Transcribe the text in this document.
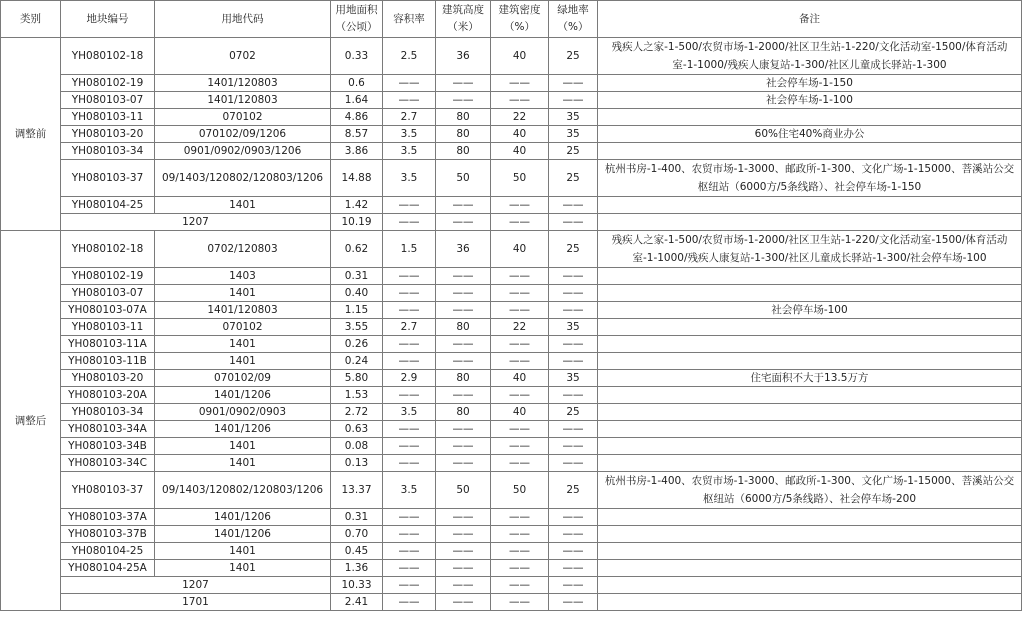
类别	地块编号	用地代码	用地面积（公顷）	容积率	建筑高度（米）	建筑密度（%）	绿地率（%）	备注
调整前	YH080102-18	0702	0.33	2.5	36	40	25	残疾人之家-1-500/农贸市场-1-2000/社区卫生站-1-220/文化活动室-1500/体育活动室-1-1000/残疾人康复站-1-300/社区儿童成长驿站-1-300
	YH080102-19	1401/120803	0.6	——	——	——	——	社会停车场-1-150
	YH080103-07	1401/120803	1.64	——	——	——	——	社会停车场-1-100
	YH080103-11	070102	4.86	2.7	80	22	35	
	YH080103-20	070102/09/1206	8.57	3.5	80	40	35	60%住宅40%商业办公
	YH080103-34	0901/0902/0903/1206	3.86	3.5	80	40	25	
	YH080103-37	09/1403/120802/120803/1206	14.88	3.5	50	50	25	杭州书房-1-400、农贸市场-1-3000、邮政所-1-300、文化广场-1-15000、菩溪站公交枢纽站（6000方/5条线路）、社会停车场-1-150
	YH080104-25	1401	1.42	——	——	——	——	
	1207		10.19	——	——	——	——	
调整后	YH080102-18	0702/120803	0.62	1.5	36	40	25	残疾人之家-1-500/农贸市场-1-2000/社区卫生站-1-220/文化活动室-1500/体育活动室-1-1000/残疾人康复站-1-300/社区儿童成长驿站-1-300/社会停车场-100
	YH080102-19	1403	0.31	——	——	——	——	
	YH080103-07	1401	0.40	——	——	——	——	
	YH080103-07A	1401/120803	1.15	——	——	——	——	社会停车场-100
	YH080103-11	070102	3.55	2.7	80	22	35	
	YH080103-11A	1401	0.26	——	——	——	——	
	YH080103-11B	1401	0.24	——	——	——	——	
	YH080103-20	070102/09	5.80	2.9	80	40	35	住宅面积不大于13.5万方
	YH080103-20A	1401/1206	1.53	——	——	——	——	
	YH080103-34	0901/0902/0903	2.72	3.5	80	40	25	
	YH080103-34A	1401/1206	0.63	——	——	——	——	
	YH080103-34B	1401	0.08	——	——	——	——	
	YH080103-34C	1401	0.13	——	——	——	——	
	YH080103-37	09/1403/120802/120803/1206	13.37	3.5	50	50	25	杭州书房-1-400、农贸市场-1-3000、邮政所-1-300、文化广场-1-15000、菩溪站公交枢纽站（6000方/5条线路）、社会停车场-200
	YH080103-37A	1401/1206	0.31	——	——	——	——	
	YH080103-37B	1401/1206	0.70	——	——	——	——	
	YH080104-25	1401	0.45	——	——	——	——	
	YH080104-25A	1401	1.36	——	——	——	——	
	1207		10.33	——	——	——	——	
	1701		2.41	——	——	——	——	
